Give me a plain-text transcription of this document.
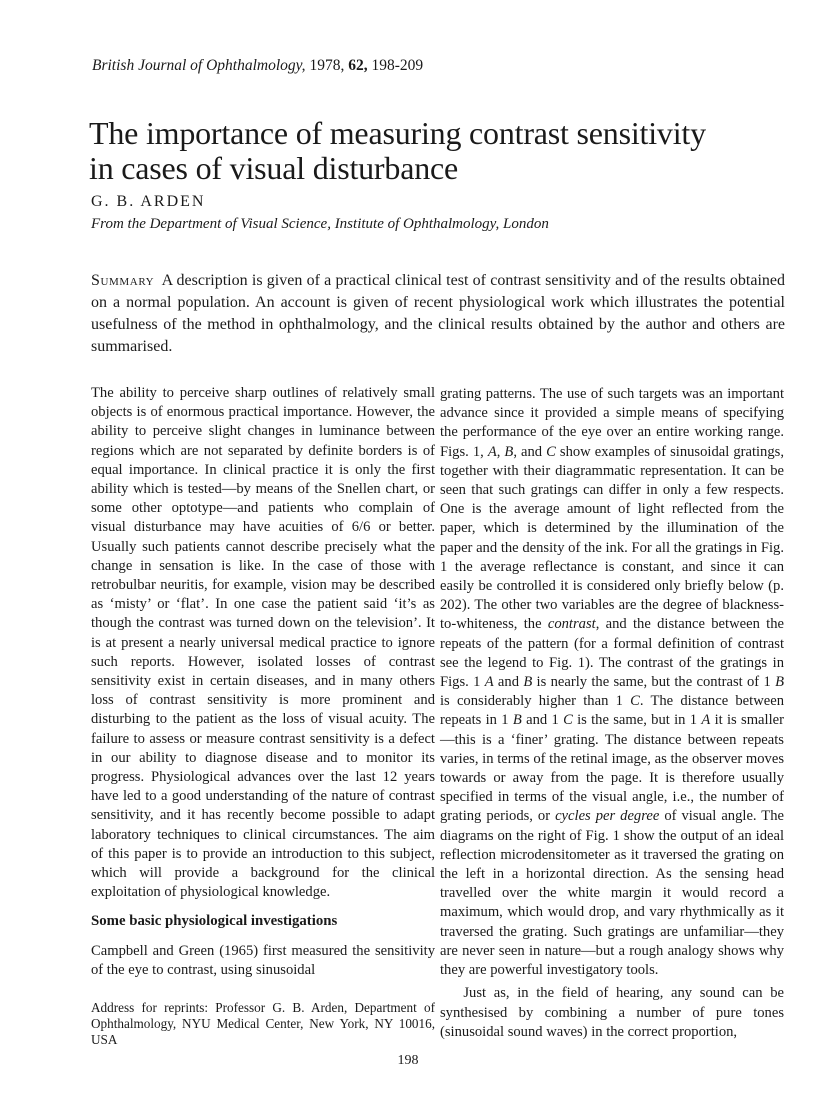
British Journal of Ophthalmology, 1978, 62, 198-209
The importance of measuring contrast sensitivity
in cases of visual disturbance
G. B. ARDEN
From the Department of Visual Science, Institute of Ophthalmology, London

Summary A description is given of a practical clinical test of contrast sensitivity and of the results obtained on a normal population. An account is given of recent physiological work which illustrates the potential usefulness of the method in ophthalmology, and the clinical results obtained by the author and others are summarised.

The ability to perceive sharp outlines of relatively small objects is of enormous practical importance. However, the ability to perceive slight changes in luminance between regions which are not separated by definite borders is of equal importance. In clinical practice it is only the first ability which is tested—by means of the Snellen chart, or some other optotype—and patients who complain of visual disturbance may have acuities of 6/6 or better. Usually such patients cannot describe precisely what the change in sensation is like. In the case of those with retrobulbar neuritis, for example, vision may be described as ‘misty’ or ‘flat’. In one case the patient said ‘it’s as though the contrast was turned down on the television’. It is at present a nearly universal medical practice to ignore such reports. However, isolated losses of contrast sensitivity exist in certain diseases, and in many others loss of contrast sensitivity is more prominent and disturbing to the patient as the loss of visual acuity. The failure to assess or measure contrast sensitivity is a defect in our ability to diagnose disease and to monitor its progress. Physiological advances over the last 12 years have led to a good understanding of the nature of contrast sensitivity, and it has recently become possible to adapt laboratory techniques to clinical circumstances. The aim of this paper is to provide an introduction to this subject, which will provide a background for the clinical exploitation of physiological knowledge.

Some basic physiological investigations

Campbell and Green (1965) first measured the sensitivity of the eye to contrast, using sinusoidal

Address for reprints: Professor G. B. Arden, Department of Ophthalmology, NYU Medical Center, New York, NY 10016, USA

grating patterns. The use of such targets was an important advance since it provided a simple means of specifying the performance of the eye over an entire working range. Figs. 1, A, B, and C show examples of sinusoidal gratings, together with their diagrammatic representation. It can be seen that such gratings can differ in only a few respects. One is the average amount of light reflected from the paper, which is determined by the illumination of the paper and the density of the ink. For all the gratings in Fig. 1 the average reflectance is constant, and since it can easily be controlled it is considered only briefly below (p. 202). The other two variables are the degree of blackness-to-whiteness, the contrast, and the distance between the repeats of the pattern (for a formal definition of contrast see the legend to Fig. 1). The contrast of the gratings in Figs. 1 A and B is nearly the same, but the contrast of 1 B is considerably higher than 1 C. The distance between repeats in 1 B and 1 C is the same, but in 1 A it is smaller—this is a ‘finer’ grating. The distance between repeats varies, in terms of the retinal image, as the observer moves towards or away from the page. It is therefore usually specified in terms of the visual angle, i.e., the number of grating periods, or cycles per degree of visual angle. The diagrams on the right of Fig. 1 show the output of an ideal reflection microdensitometer as it traversed the grating on the left in a horizontal direction. As the sensing head travelled over the white margin it would record a maximum, which would drop, and vary rhythmically as it traversed the grating. Such gratings are unfamiliar—they are never seen in nature—but a rough analogy shows why they are powerful investigatory tools.

Just as, in the field of hearing, any sound can be synthesised by combining a number of pure tones (sinusoidal sound waves) in the correct proportion,

198
